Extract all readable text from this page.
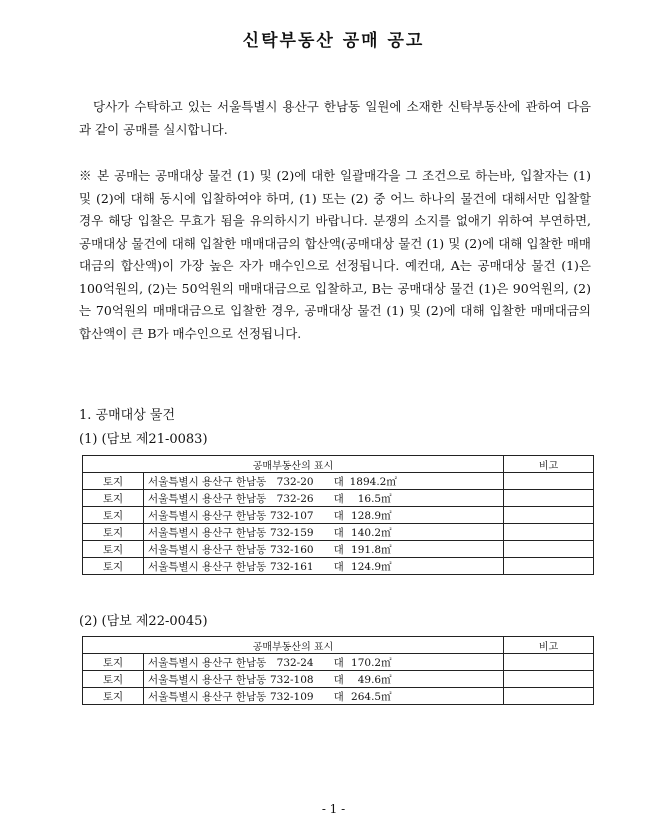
신탁부동산 공매 공고

당사가 수탁하고 있는 서울특별시 용산구 한남동 일원에 소재한 신탁부동산에 관하여 다음과 같이 공매를 실시합니다.

※ 본 공매는 공매대상 물건 (1) 및 (2)에 대한 일괄매각을 그 조건으로 하는바, 입찰자는 (1) 및 (2)에 대해 동시에 입찰하여야 하며, (1) 또는 (2) 중 어느 하나의 물건에 대해서만 입찰할 경우 해당 입찰은 무효가 됨을 유의하시기 바랍니다. 분쟁의 소지를 없애기 위하여 부연하면, 공매대상 물건에 대해 입찰한 매매대금의 합산액(공매대상 물건 (1) 및 (2)에 대해 입찰한 매매대금의 합산액)이 가장 높은 자가 매수인으로 선정됩니다. 예컨대, A는 공매대상 물건 (1)은 100억원의, (2)는 50억원의 매매대금으로 입찰하고, B는 공매대상 물건 (1)은 90억원의, (2)는 70억원의 매매대금으로 입찰한 경우, 공매대상 물건 (1) 및 (2)에 대해 입찰한 매매대금의 합산액이 큰 B가 매수인으로 선정됩니다.

1. 공매대상 물건
(1) (담보 제21-0083)
공매부동산의 표시		비고
토지	서울특별시 용산구 한남동 732-20 대 1894.2㎡	
토지	서울특별시 용산구 한남동 732-26 대 16.5㎡	
토지	서울특별시 용산구 한남동 732-107 대 128.9㎡	
토지	서울특별시 용산구 한남동 732-159 대 140.2㎡	
토지	서울특별시 용산구 한남동 732-160 대 191.8㎡	
토지	서울특별시 용산구 한남동 732-161 대 124.9㎡	
(2) (담보 제22-0045)
공매부동산의 표시		비고
토지	서울특별시 용산구 한남동 732-24 대 170.2㎡	
토지	서울특별시 용산구 한남동 732-108 대 49.6㎡	
토지	서울특별시 용산구 한남동 732-109 대 264.5㎡	
- 1 -
